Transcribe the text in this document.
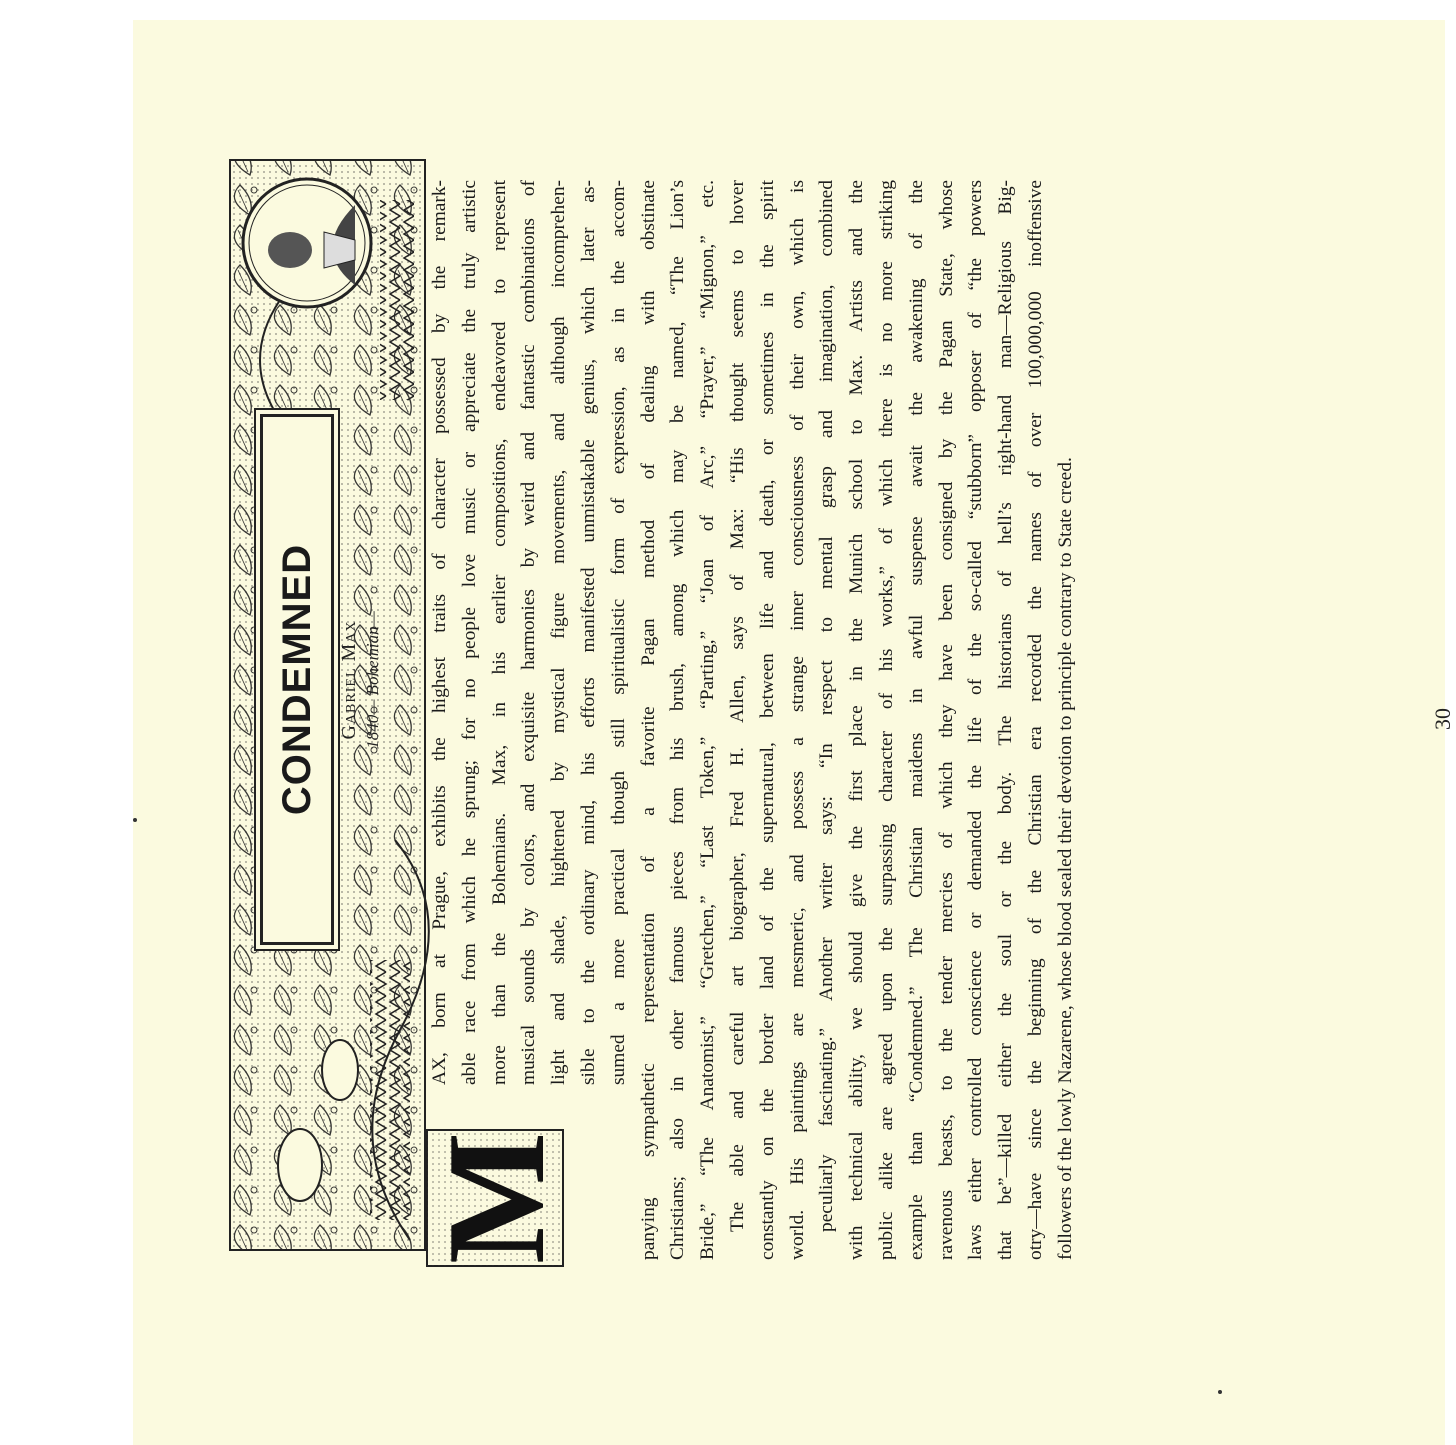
CONDEMNED Gabriel Max 1840— Bohemian—
M
AX, born at Prague, exhibits the highest traits of character possessed by the remark- able race from which he sprung; for no people love music or appreciate the truly artistic more than the Bohemians. Max, in his earlier compositions, endeavored to represent musical sounds by colors, and exquisite harmonies by weird and fantastic combinations of light and shade, hightened by mystical figure movements, and although incomprehen- sible to the ordinary mind, his efforts manifested unmistakable genius, which later as- sumed a more practical though still spiritualistic form of expression, as in the accom- panying sympathetic representation of a favorite Pagan method of dealing with obstinate Christians; also in other famous pieces from his brush, among which may be named, “The Lion’s Bride,” “The Anatomist,” “Gretchen,” “Last Token,” “Parting,” “Joan of Arc,” “Prayer,” “Mignon,” etc. The able and careful art biographer, Fred H. Allen, says of Max: “His thought seems to hover constantly on the border land of the supernatural, between life and death, or sometimes in the spirit world. His paintings are mesmeric, and possess a strange inner consciousness of their own, which is peculiarly fascinating.” Another writer says: “In respect to mental grasp and imagination, combined with technical ability, we should give the first place in the Munich school to Max. Artists and the public alike are agreed upon the surpassing character of his works,” of which there is no more striking example than “Condemned.” The Christian maidens in awful suspense await the awakening of the ravenous beasts, to the tender mercies of which they have been consigned by the Pagan State, whose laws either controlled conscience or demanded the life of the so-called “stubborn” opposer of “the powers that be”—killed either the soul or the body. The historians of hell’s right-hand man—Religious Big- otry—have since the beginning of the Christian era recorded the names of over 100,000,000 inoffensive followers of the lowly Nazarene, whose blood sealed their devotion to principle contrary to State creed.	30
